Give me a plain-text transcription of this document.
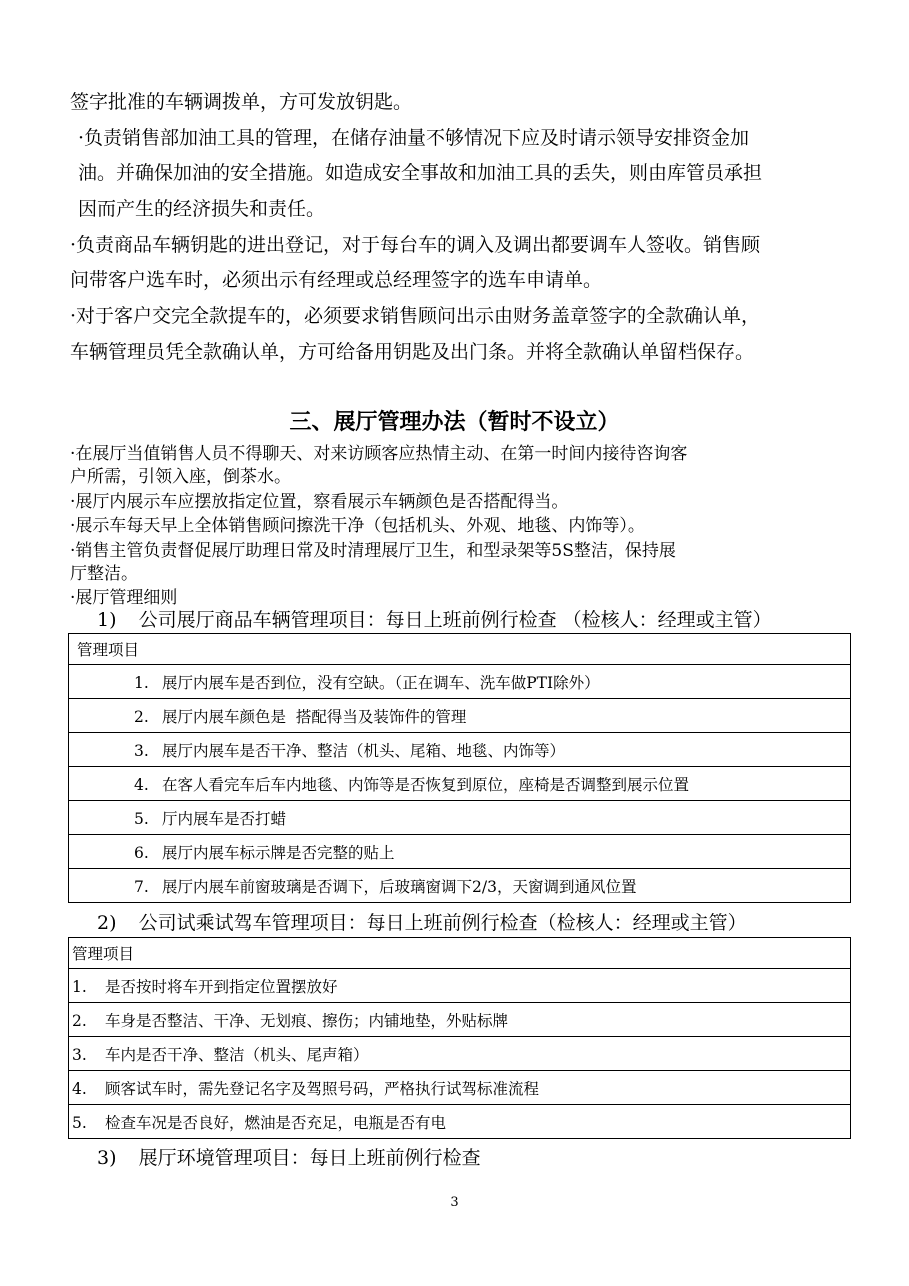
签字批准的车辆调拨单，方可发放钥匙。
·负责销售部加油工具的管理，在储存油量不够情况下应及时请示领导安排资金加
油。并确保加油的安全措施。如造成安全事故和加油工具的丢失，则由库管员承担
因而产生的经济损失和责任。
·负责商品车辆钥匙的进出登记，对于每台车的调入及调出都要调车人签收。销售顾
问带客户选车时，必须出示有经理或总经理签字的选车申请单。
·对于客户交完全款提车的，必须要求销售顾问出示由财务盖章签字的全款确认单，
车辆管理员凭全款确认单，方可给备用钥匙及出门条。并将全款确认单留档保存。
三、展厅管理办法（暂时不设立）
·在展厅当值销售人员不得聊天、对来访顾客应热情主动、在第一时间内接待咨询客
户所需，引领入座，倒茶水。
·展厅内展示车应摆放指定位置，察看展示车辆颜色是否搭配得当。
·展示车每天早上全体销售顾问擦洗干净（包括机头、外观、地毯、内饰等）。
·销售主管负责督促展厅助理日常及时清理展厅卫生，和型录架等5S整洁，保持展
厅整洁。
·展厅管理细则
1) 公司展厅商品车辆管理项目：每日上班前例行检查 （检核人：经理或主管）
管理项目
1. 展厅内展车是否到位，没有空缺。（正在调车、洗车做PTI除外）
2. 展厅内展车颜色是  搭配得当及装饰件的管理
3. 展厅内展车是否干净、整洁（机头、尾箱、地毯、内饰等）
4. 在客人看完车后车内地毯、内饰等是否恢复到原位，座椅是否调整到展示位置
5. 厅内展车是否打蜡
6. 展厅内展车标示牌是否完整的贴上
7. 展厅内展车前窗玻璃是否调下，后玻璃窗调下2/3，天窗调到通风位置
2) 公司试乘试驾车管理项目：每日上班前例行检查（检核人：经理或主管）
管理项目
1. 是否按时将车开到指定位置摆放好
2. 车身是否整洁、干净、无划痕、擦伤；内铺地垫，外贴标牌
3. 车内是否干净、整洁（机头、尾声箱）
4. 顾客试车时，需先登记名字及驾照号码，严格执行试驾标准流程
5. 检查车况是否良好，燃油是否充足，电瓶是否有电
3) 展厅环境管理项目：每日上班前例行检查
3
